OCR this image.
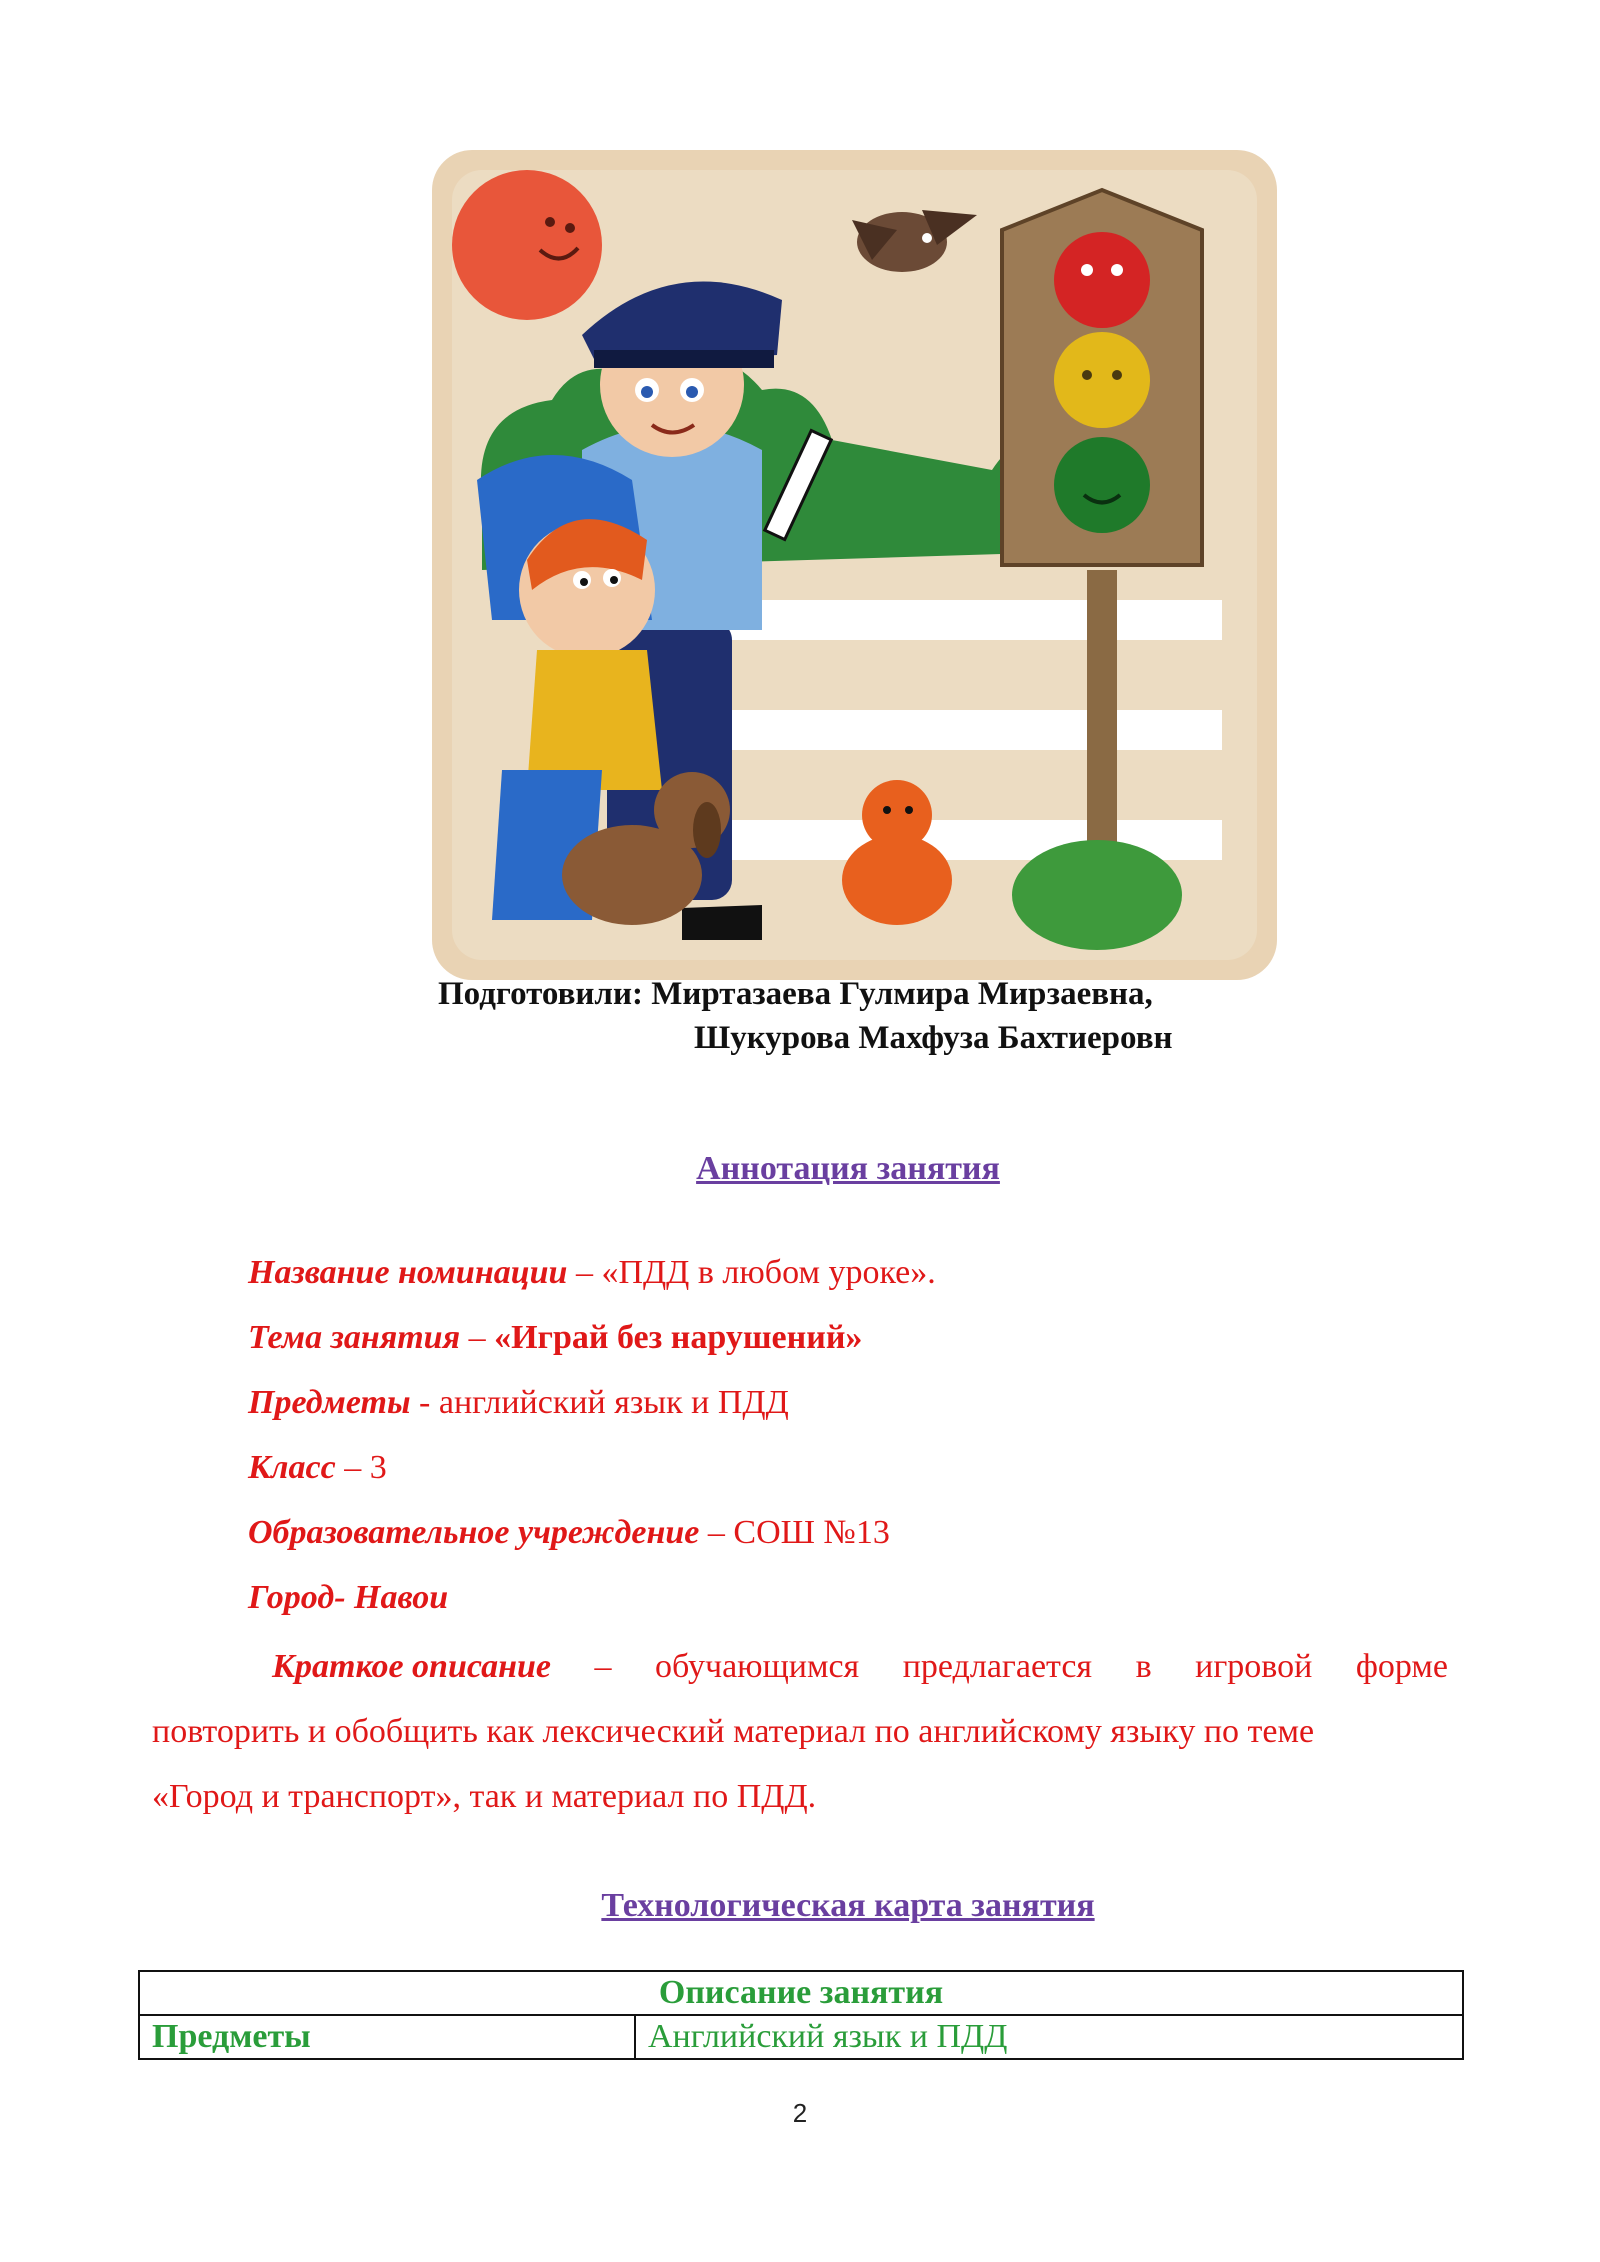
Подготовили: Миртазаева Гулмира Мирзаевна,
Шукурова Махфуза Бахтиеровн
Аннотация занятия
Название номинации – «ПДД в любом уроке».
Тема занятия – «Играй без нарушений»
Предметы - английский язык и ПДД
Класс – 3
Образовательное учреждение – СОШ №13
Город- Навои
Краткое описание – обучающимся предлагается в игровой форме
повторить и обобщить как лексический материал по английскому языку по теме
«Город и транспорт», так и материал по ПДД.
Технологическая карта занятия
Описание занятия
Предметы	Английский язык и ПДД
2
